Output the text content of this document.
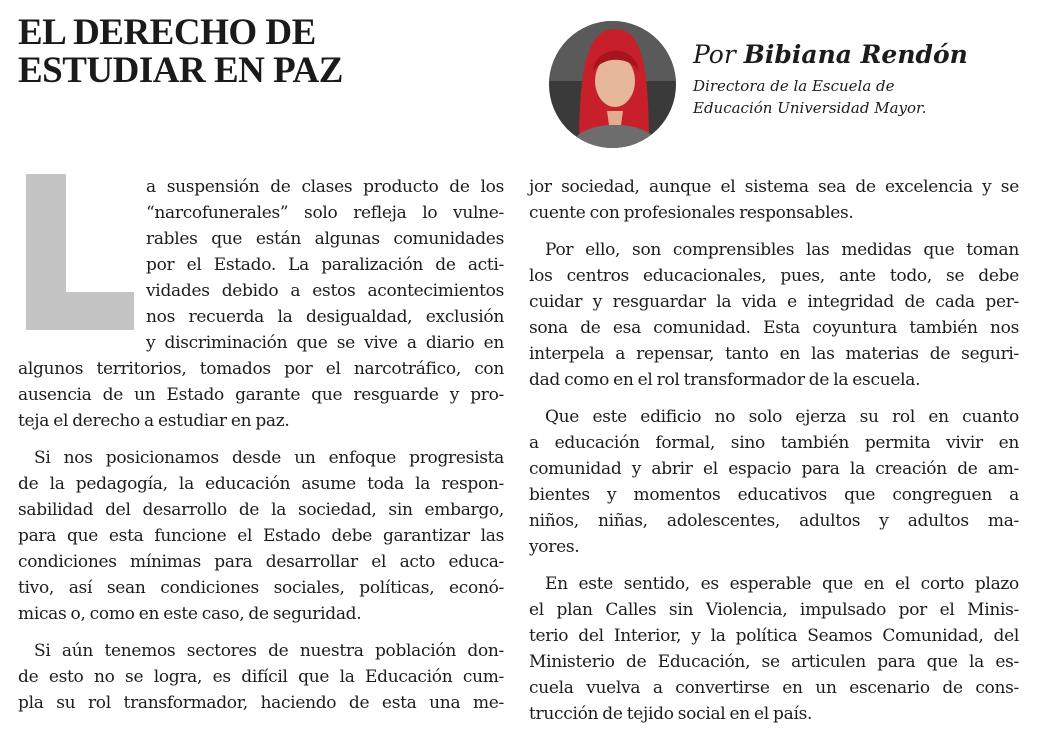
EL DERECHO DE
ESTUDIAR EN PAZ	Por Bibiana Rendón
Directora de la Escuela de
Educación Universidad Mayor.

a suspensión de clases producto de los
“narcofunerales” solo refleja lo vulne-
rables que están algunas comunidades
por el Estado. La paralización de acti-
vidades debido a estos acontecimientos
nos recuerda la desigualdad, exclusión
y discriminación que se vive a diario en
algunos territorios, tomados por el narcotráfico, con
ausencia de un Estado garante que resguarde y pro-
teja el derecho a estudiar en paz.

Si nos posicionamos desde un enfoque progresista
de la pedagogía, la educación asume toda la respon-
sabilidad del desarrollo de la sociedad, sin embargo,
para que esta funcione el Estado debe garantizar las
condiciones mínimas para desarrollar el acto educa-
tivo, así sean condiciones sociales, políticas, econó-
micas o, como en este caso, de seguridad.

Si aún tenemos sectores de nuestra población don-
de esto no se logra, es difícil que la Educación cum-
pla su rol transformador, haciendo de esta una me-

jor sociedad, aunque el sistema sea de excelencia y se
cuente con profesionales responsables.

Por ello, son comprensibles las medidas que toman
los centros educacionales, pues, ante todo, se debe
cuidar y resguardar la vida e integridad de cada per-
sona de esa comunidad. Esta coyuntura también nos
interpela a repensar, tanto en las materias de seguri-
dad como en el rol transformador de la escuela.

Que este edificio no solo ejerza su rol en cuanto
a educación formal, sino también permita vivir en
comunidad y abrir el espacio para la creación de am-
bientes y momentos educativos que congreguen a
niños, niñas, adolescentes, adultos y adultos ma-
yores.

En este sentido, es esperable que en el corto plazo
el plan Calles sin Violencia, impulsado por el Minis-
terio del Interior, y la política Seamos Comunidad, del
Ministerio de Educación, se articulen para que la es-
cuela vuelva a convertirse en un escenario de cons-
trucción de tejido social en el país.
